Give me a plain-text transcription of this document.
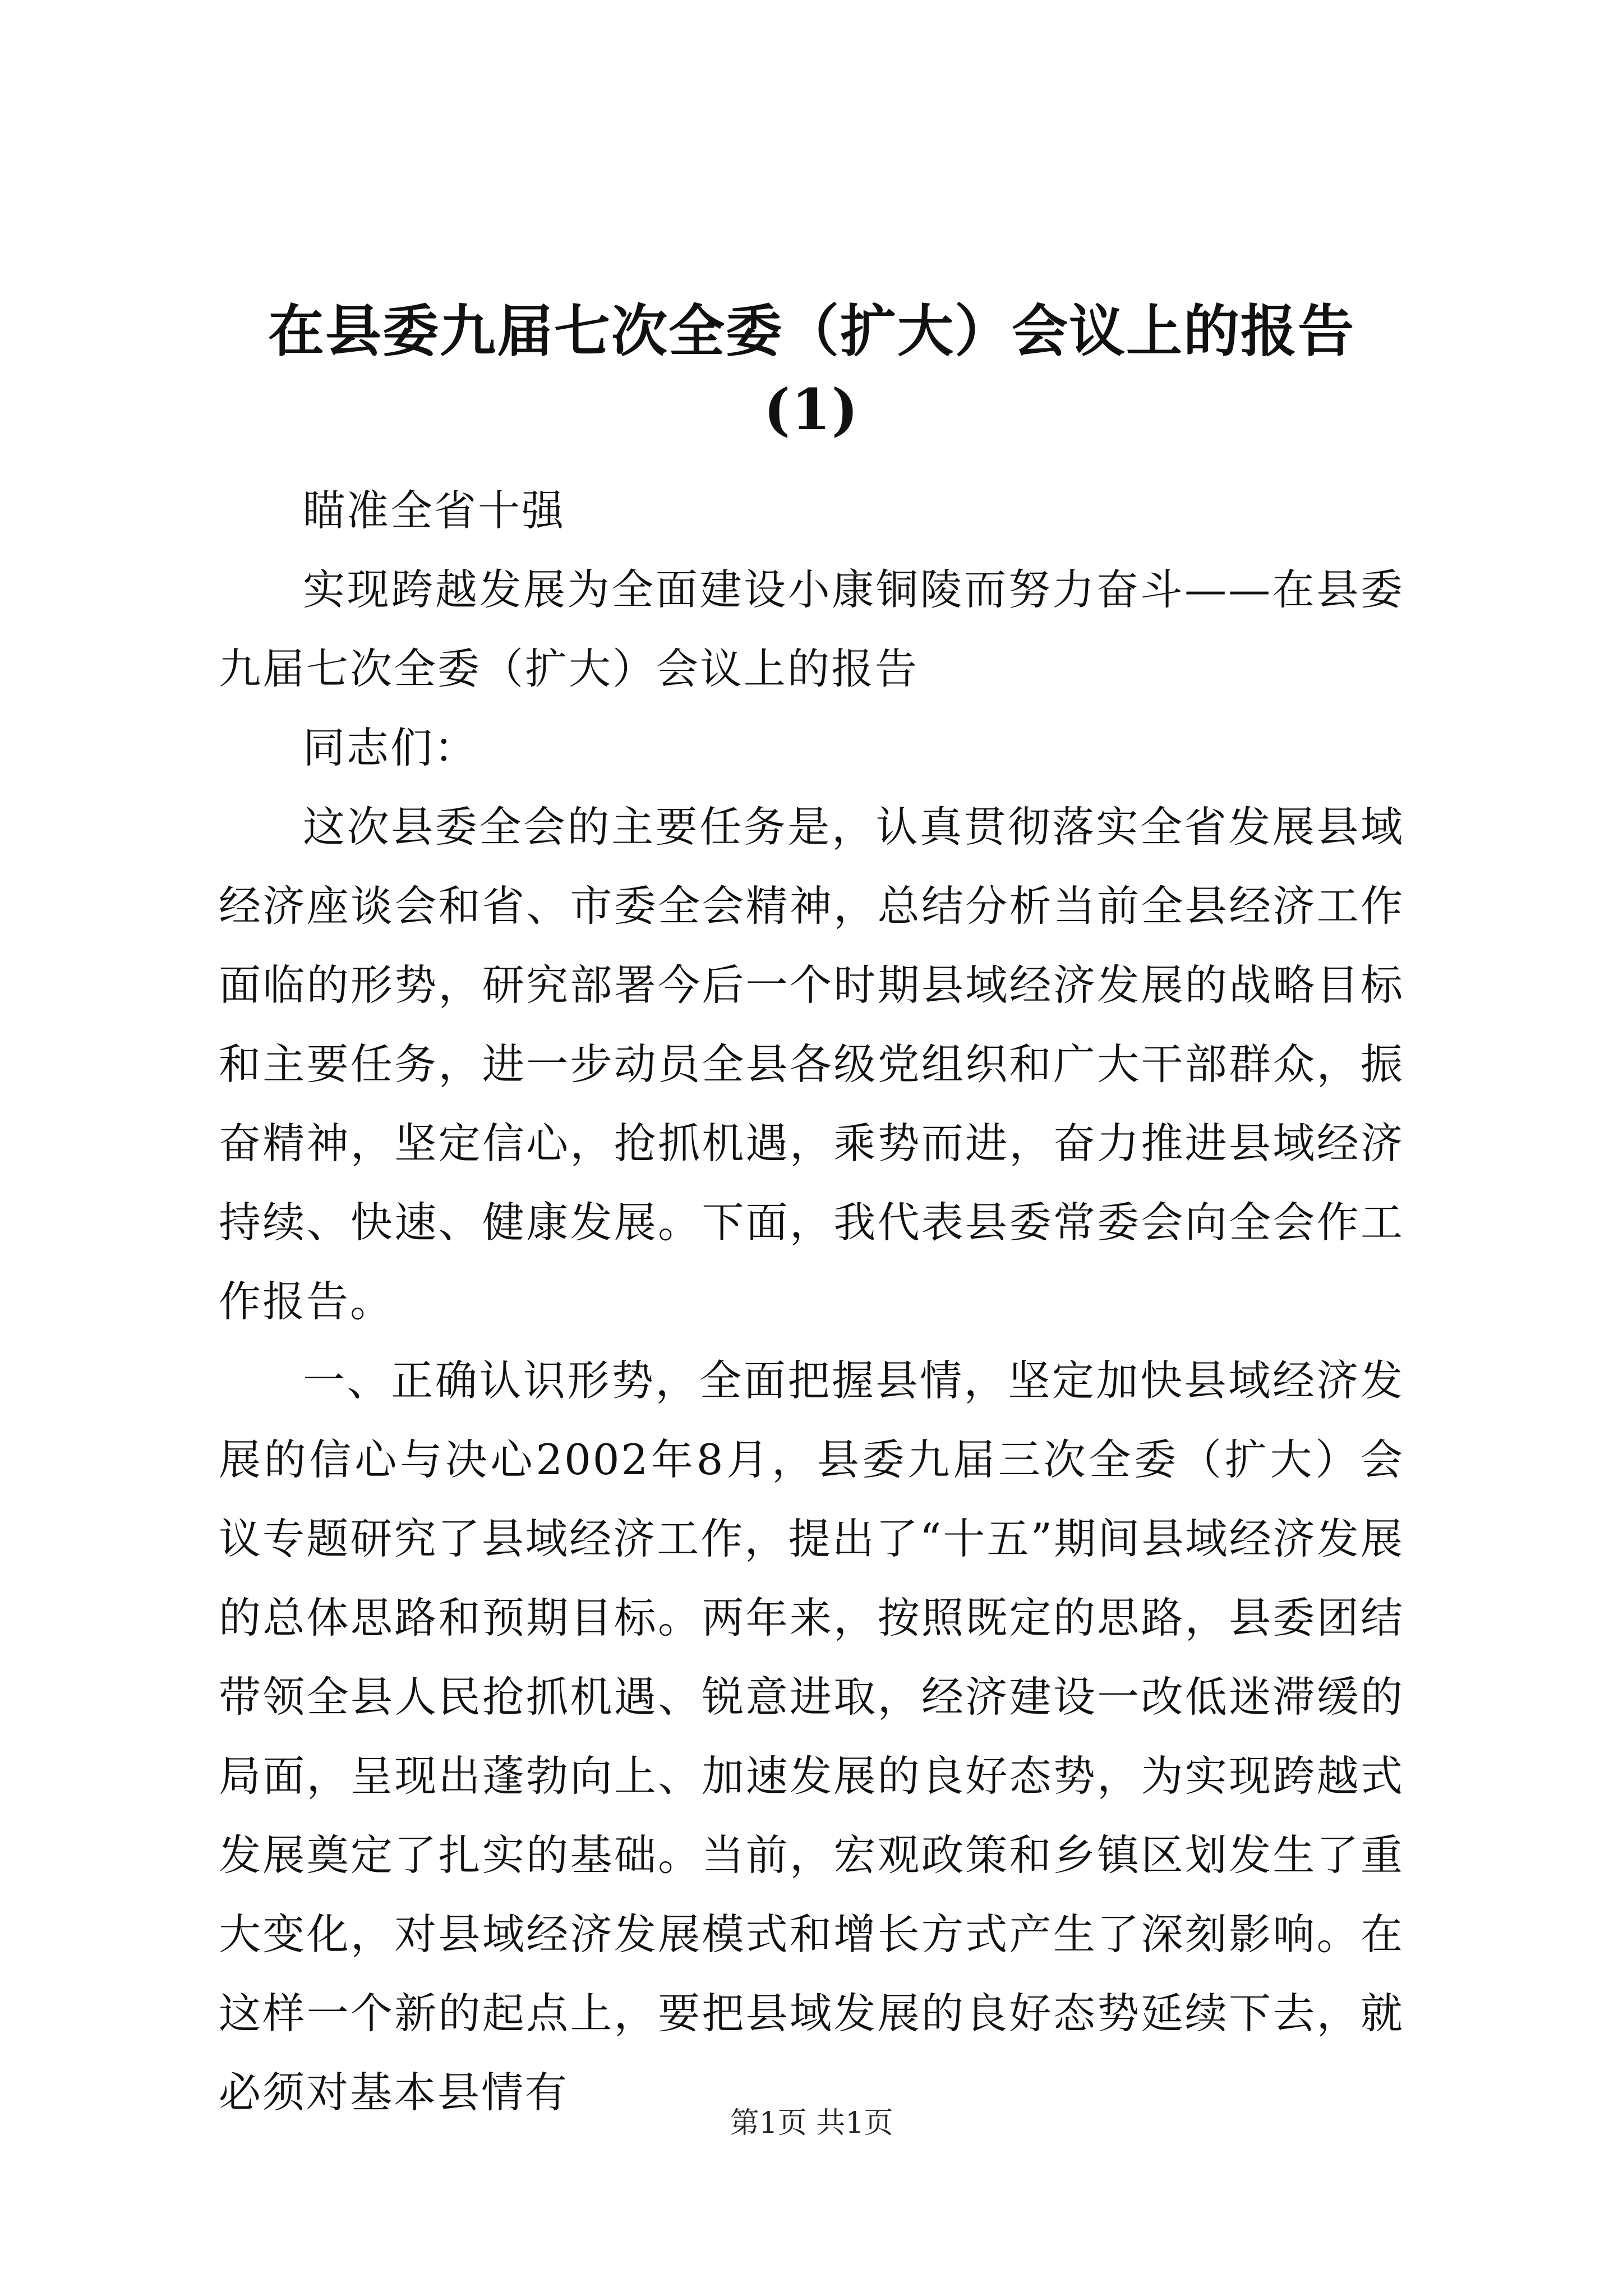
在县委九届七次全委（扩大）会议上的报告
(1)

瞄准全省十强

实现跨越发展为全面建设小康铜陵而努力奋斗——在县委九届七次全委（扩大）会议上的报告

同志们：

这次县委全会的主要任务是，认真贯彻落实全省发展县域经济座谈会和省、市委全会精神，总结分析当前全县经济工作面临的形势，研究部署今后一个时期县域经济发展的战略目标和主要任务，进一步动员全县各级党组织和广大干部群众，振奋精神，坚定信心，抢抓机遇，乘势而进，奋力推进县域经济持续、快速、健康发展。下面，我代表县委常委会向全会作工作报告。

一、正确认识形势，全面把握县情，坚定加快县域经济发展的信心与决心2002年8月，县委九届三次全委（扩大）会议专题研究了县域经济工作，提出了“十五”期间县域经济发展的总体思路和预期目标。两年来，按照既定的思路，县委团结带领全县人民抢抓机遇、锐意进取，经济建设一改低迷滞缓的局面，呈现出蓬勃向上、加速发展的良好态势，为实现跨越式发展奠定了扎实的基础。当前，宏观政策和乡镇区划发生了重大变化，对县域经济发展模式和增长方式产生了深刻影响。在这样一个新的起点上，要把县域发展的良好态势延续下去，就必须对基本县情有

第1页 共1页
